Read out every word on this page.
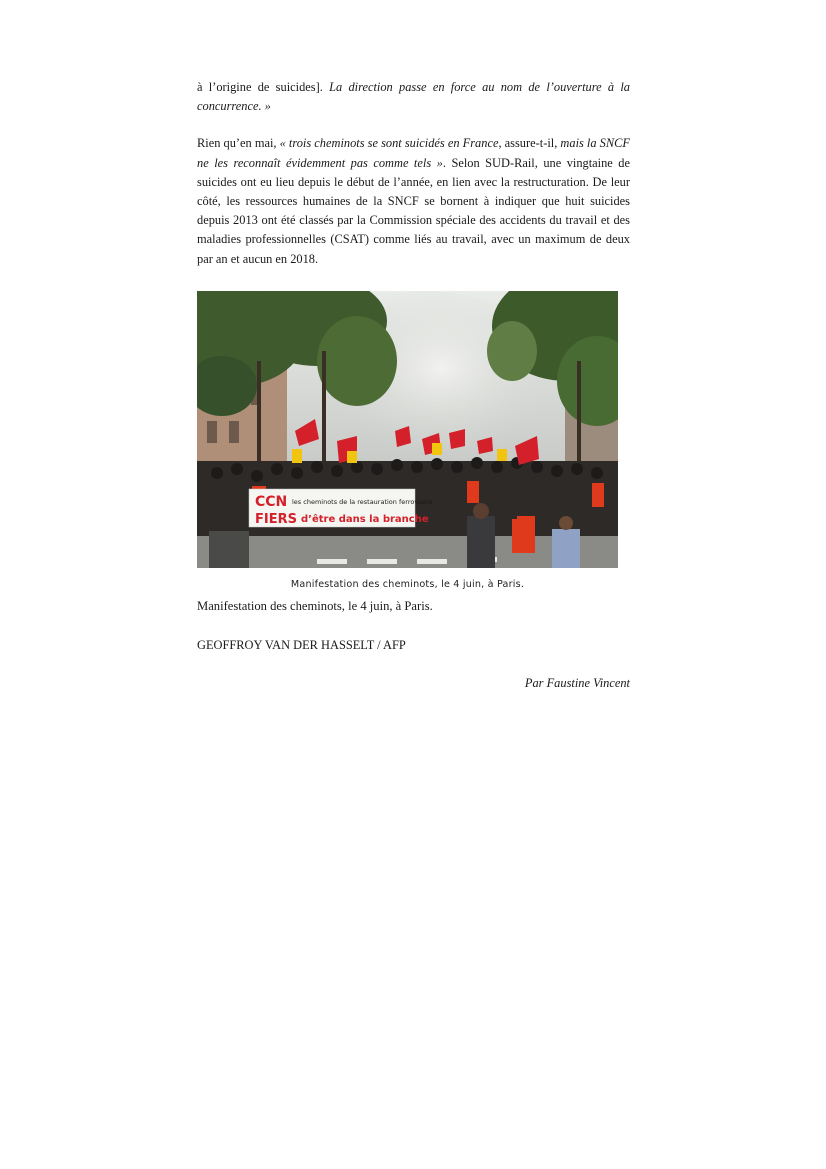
à l’origine de suicides]. La direction passe en force au nom de l’ouverture à la concurrence. »

Rien qu’en mai, « trois cheminots se sont suicidés en France, assure-t-il, mais la SNCF ne les reconnaît évidemment pas comme tels ». Selon SUD-Rail, une vingtaine de suicides ont eu lieu depuis le début de l’année, en lien avec la restructuration. De leur côté, les ressources humaines de la SNCF se bornent à indiquer que huit suicides depuis 2013 ont été classés par la Commission spéciale des accidents du travail et des maladies professionnelles (CSAT) comme liés au travail, avec un maximum de deux par an et aucun en 2018.

CCN les cheminots de la restauration ferroviaire
FIERS d’être dans la branche
Manifestation des cheminots, le 4 juin, à Paris.
Manifestation des cheminots, le 4 juin, à Paris.
GEOFFROY VAN DER HASSELT / AFP
Par Faustine Vincent
